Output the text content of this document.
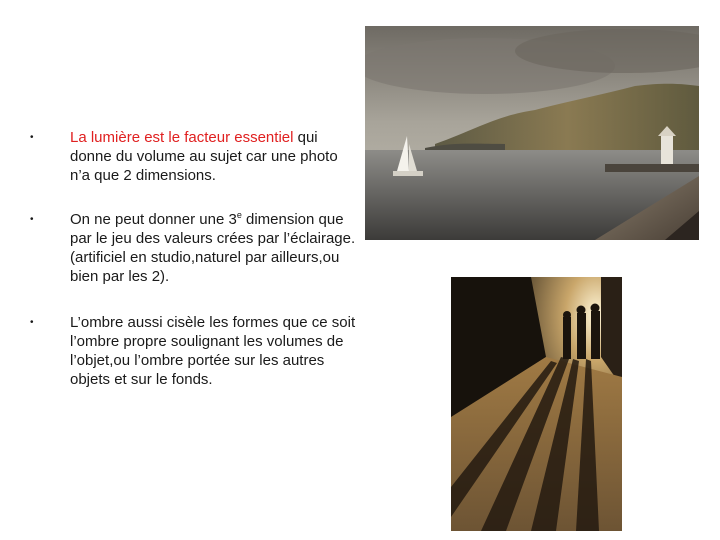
•	La lumière est le facteur essentiel qui donne du volume au sujet car une photo n’a que 2 dimensions.
•	On ne peut donner une 3e dimension que par le jeu des valeurs crées par l’éclairage.(artificiel en studio,naturel par ailleurs,ou bien par les 2).
•	L’ombre aussi cisèle les formes que ce soit l’ombre propre soulignant les volumes de l’objet,ou l’ombre portée sur les autres objets et sur le fonds.
